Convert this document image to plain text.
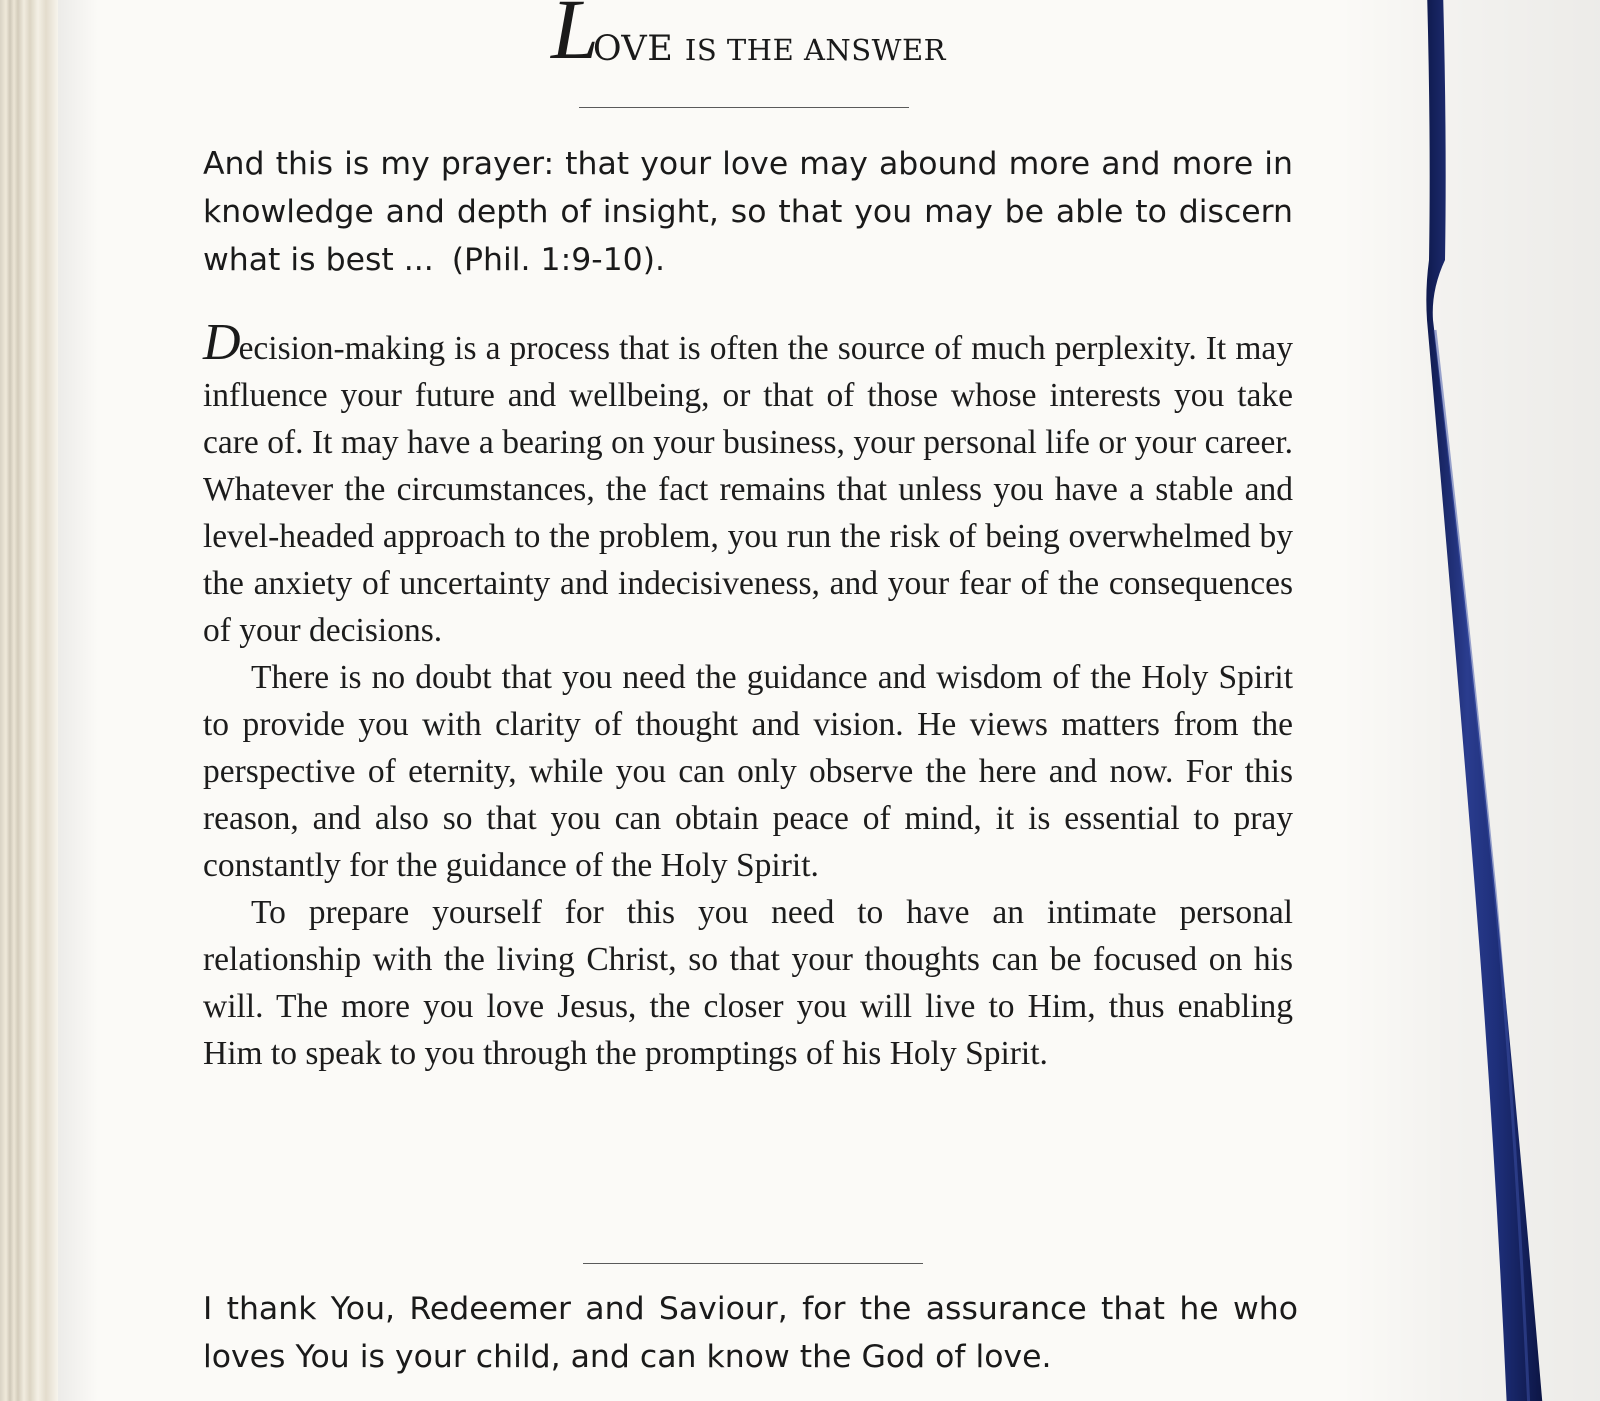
LOVE IS THE ANSWER
And this is my prayer: that your love may abound more and more in
knowledge and depth of insight, so that you may be able to discern
what is best ... (Phil. 1:9-10).

Decision-making is a process that is often the source of much perplexity. It may influence your future and wellbeing, or that of those whose interests you take care of. It may have a bearing on your business, your personal life or your career. Whatever the circumstances, the fact remains that unless you have a stable and level-headed approach to the problem, you run the risk of being overwhelmed by the anxiety of uncertainty and indecisiveness, and your fear of the consequences of your decisions.

There is no doubt that you need the guidance and wisdom of the Holy Spirit to provide you with clarity of thought and vision. He views matters from the perspective of eternity, while you can only observe the here and now. For this reason, and also so that you can obtain peace of mind, it is essential to pray constantly for the guidance of the Holy Spirit.

To prepare yourself for this you need to have an intimate personal relationship with the living Christ, so that your thoughts can be focused on his will. The more you love Jesus, the closer you will live to Him, thus enabling Him to speak to you through the promptings of his Holy Spirit.

I thank You, Redeemer and Saviour, for the assurance that he who loves You is your child, and can know the God of love.
